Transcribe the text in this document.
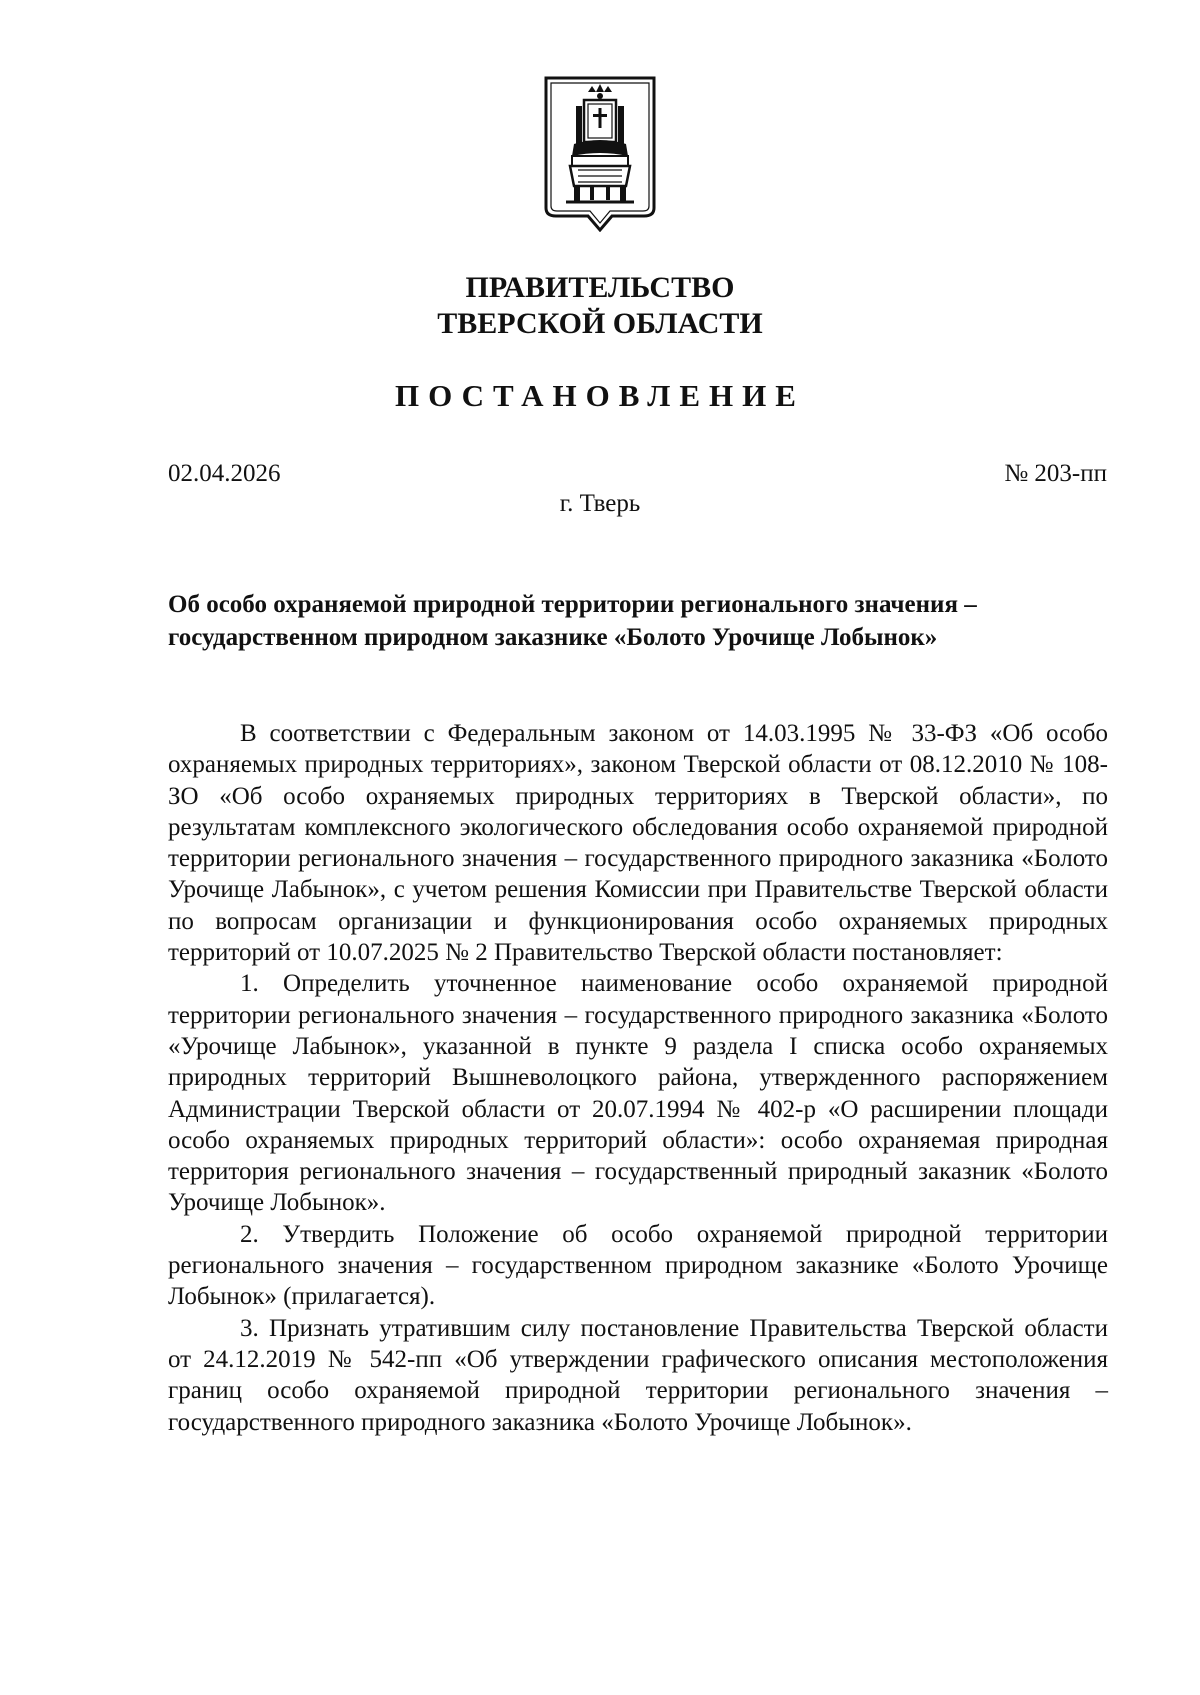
ПРАВИТЕЛЬСТВО
ТВЕРСКОЙ ОБЛАСТИ
ПОСТАНОВЛЕНИЕ
02.04.2026	№ 203-пп
г. Тверь
Об особо охраняемой природной территории регионального значения – государственном природном заказнике «Болото Урочище Лобынок»

В соответствии с Федеральным законом от 14.03.1995 № 33-ФЗ «Об особо охраняемых природных территориях», законом Тверской области от 08.12.2010 № 108-ЗО «Об особо охраняемых природных территориях в Тверской области», по результатам комплексного экологического обследования особо охраняемой природной территории регионального значения – государственного природного заказника «Болото Урочище Лабынок», с учетом решения Комиссии при Правительстве Тверской области по вопросам организации и функционирования особо охраняемых природных территорий от 10.07.2025 № 2 Правительство Тверской области постановляет:

1. Определить уточненное наименование особо охраняемой природной территории регионального значения – государственного природного заказника «Болото «Урочище Лабынок», указанной в пункте 9 раздела I списка особо охраняемых природных территорий Вышневолоцкого района, утвержденного распоряжением Администрации Тверской области от 20.07.1994 № 402-р «О расширении площади особо охраняемых природных территорий области»: особо охраняемая природная территория регионального значения – государственный природный заказник «Болото Урочище Лобынок».

2. Утвердить Положение об особо охраняемой природной территории регионального значения – государственном природном заказнике «Болото Урочище Лобынок» (прилагается).

3. Признать утратившим силу постановление Правительства Тверской области от 24.12.2019 № 542-пп «Об утверждении графического описания местоположения границ особо охраняемой природной территории регионального значения – государственного природного заказника «Болото Урочище Лобынок».
